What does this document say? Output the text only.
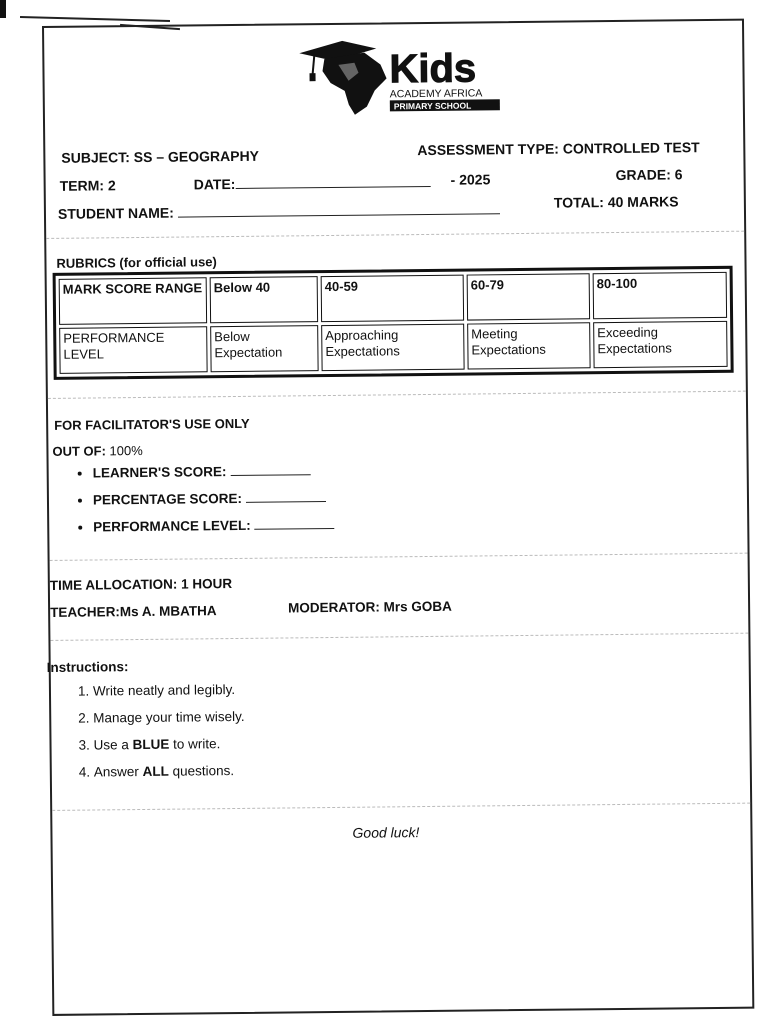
Kids
ACADEMY AFRICA
PRIMARY SCHOOL
SUBJECT: SS – GEOGRAPHY	ASSESSMENT TYPE: CONTROLLED TEST
TERM: 2	DATE:	- 2025	GRADE: 6
STUDENT NAME:
TOTAL: 40 MARKS
RUBRICS (for official use)
MARK SCORE RANGE	Below 40	40-59	60-79	80-100
PERFORMANCE LEVEL	Below Expectation	Approaching Expectations	Meeting Expectations	Exceeding Expectations
FOR FACILITATOR'S USE ONLY
OUT OF: 100%
• LEARNER'S SCORE:
• PERCENTAGE SCORE:
• PERFORMANCE LEVEL:
TIME ALLOCATION: 1 HOUR
TEACHER:Ms A. MBATHA	MODERATOR: Mrs GOBA
Instructions:
1. Write neatly and legibly.
2. Manage your time wisely.
3. Use a BLUE to write.
4. Answer ALL questions.
Good luck!
